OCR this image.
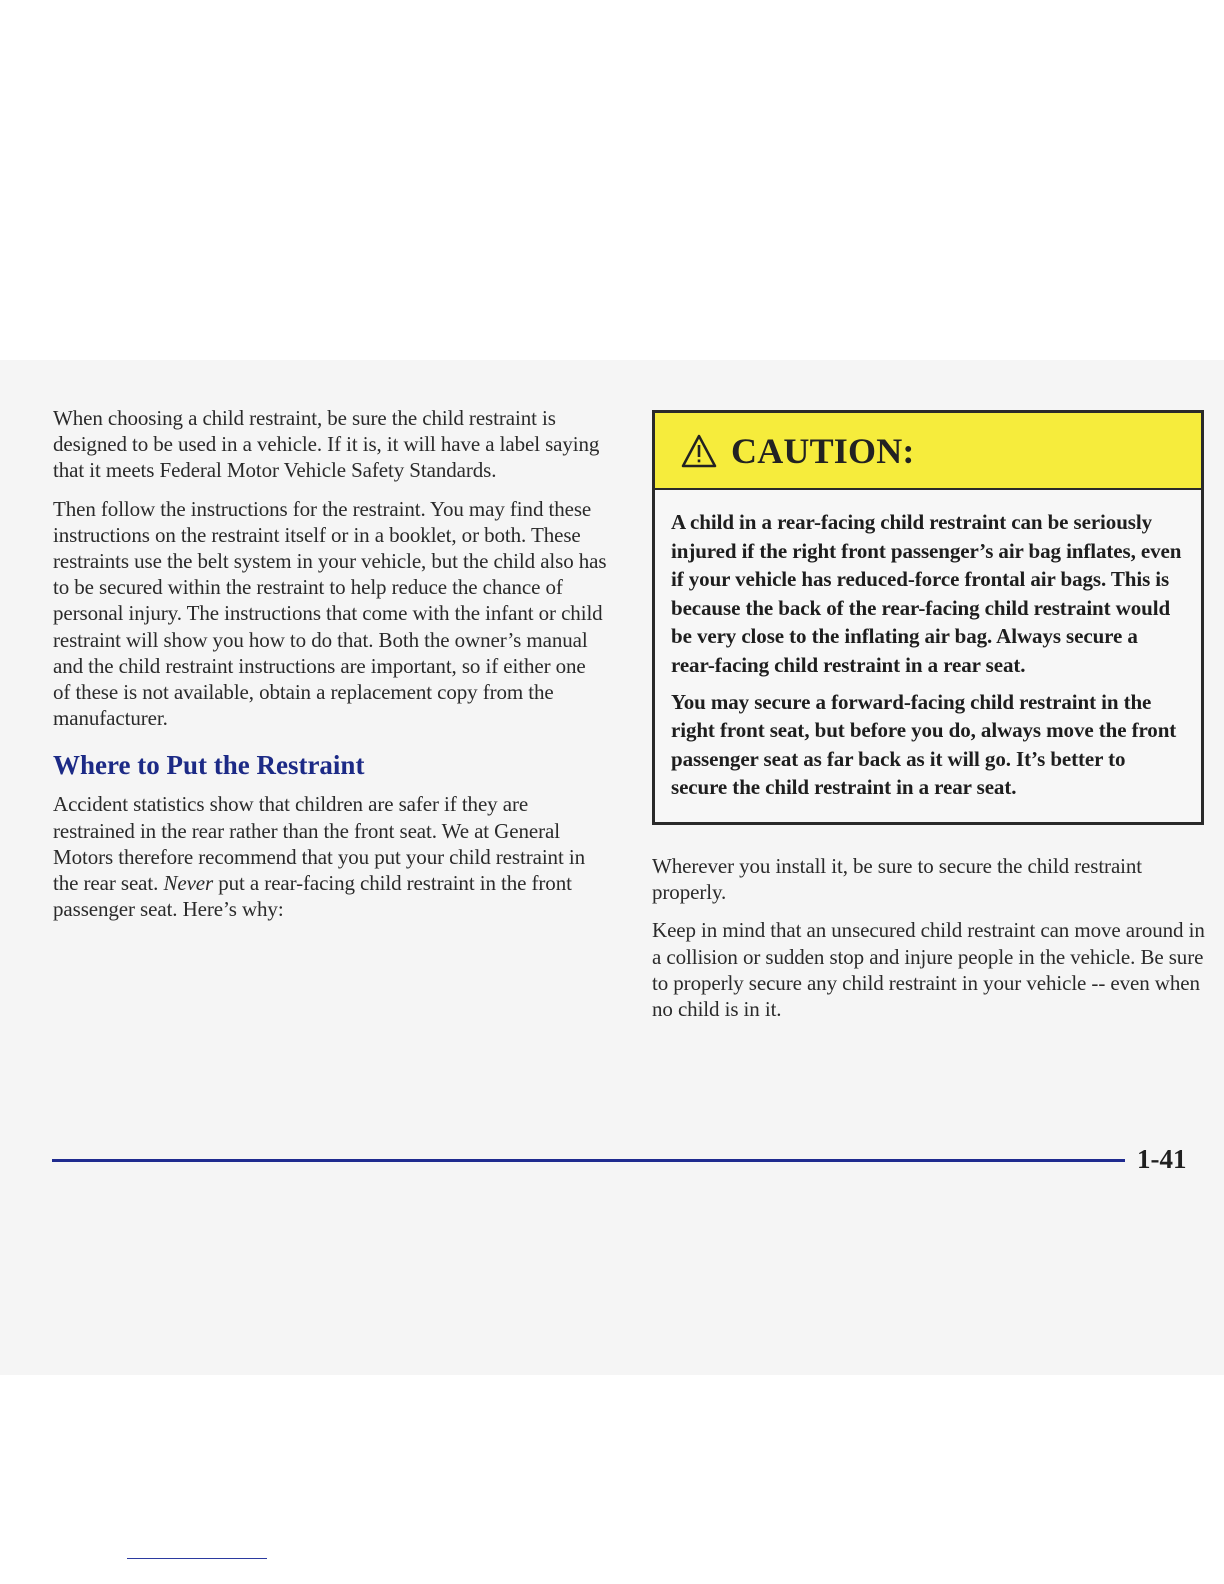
When choosing a child restraint, be sure the child restraint is designed to be used in a vehicle. If it is, it will have a label saying that it meets Federal Motor Vehicle Safety Standards.

Then follow the instructions for the restraint. You may find these instructions on the restraint itself or in a booklet, or both. These restraints use the belt system in your vehicle, but the child also has to be secured within the restraint to help reduce the chance of personal injury. The instructions that come with the infant or child restraint will show you how to do that. Both the owner’s manual and the child restraint instructions are important, so if either one of these is not available, obtain a replacement copy from the manufacturer.

Where to Put the Restraint

Accident statistics show that children are safer if they are restrained in the rear rather than the front seat. We at General Motors therefore recommend that you put your child restraint in the rear seat. Never put a rear-facing child restraint in the front passenger seat. Here’s why:

CAUTION:

A child in a rear-facing child restraint can be seriously injured if the right front passenger’s air bag inflates, even if your vehicle has reduced-force frontal air bags. This is because the back of the rear-facing child restraint would be very close to the inflating air bag. Always secure a rear-facing child restraint in a rear seat.

You may secure a forward-facing child restraint in the right front seat, but before you do, always move the front passenger seat as far back as it will go. It’s better to secure the child restraint in a rear seat.

Wherever you install it, be sure to secure the child restraint properly.

Keep in mind that an unsecured child restraint can move around in a collision or sudden stop and injure people in the vehicle. Be sure to properly secure any child restraint in your vehicle -- even when no child is in it.

1-41
